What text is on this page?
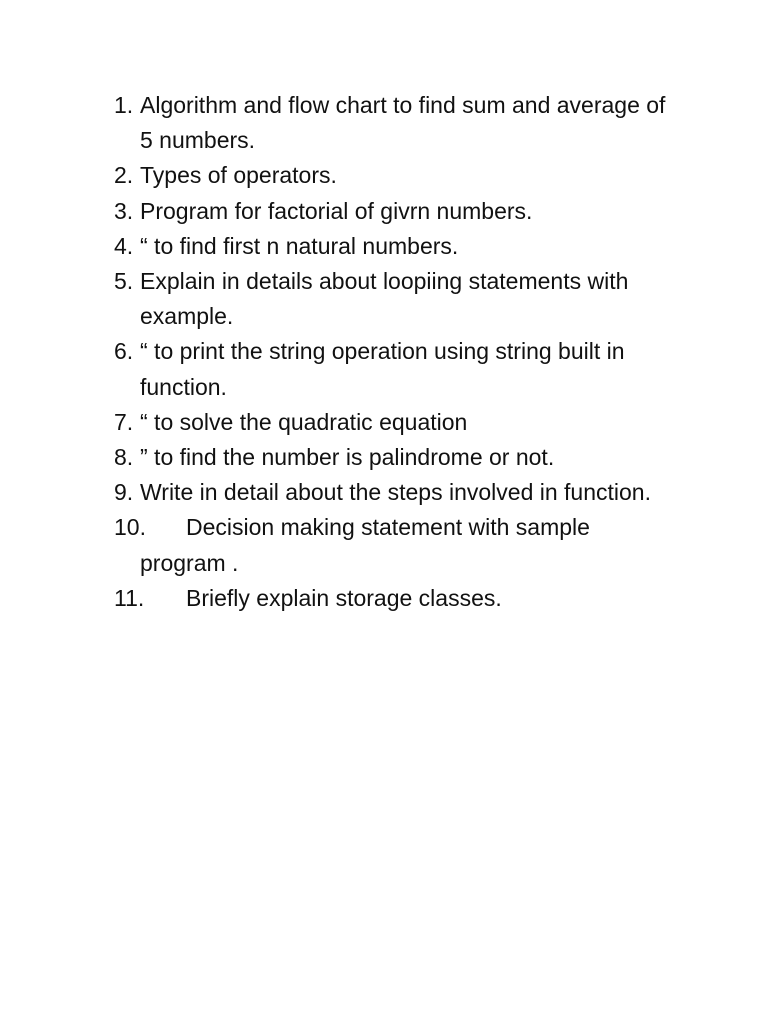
1. Algorithm and flow chart to find sum and average of 5 numbers.
2. Types of operators.
3. Program for factorial of givrn numbers.
4. “ to find first n natural numbers.
5. Explain in details about loopiing statements with example.
6. “ to print the string operation using string built in function.
7. “ to solve the quadratic equation
8. ” to find the number is palindrome or not.
9. Write in detail about the steps involved in function.
10. Decision making statement with sample program .
11. Briefly explain storage classes.
